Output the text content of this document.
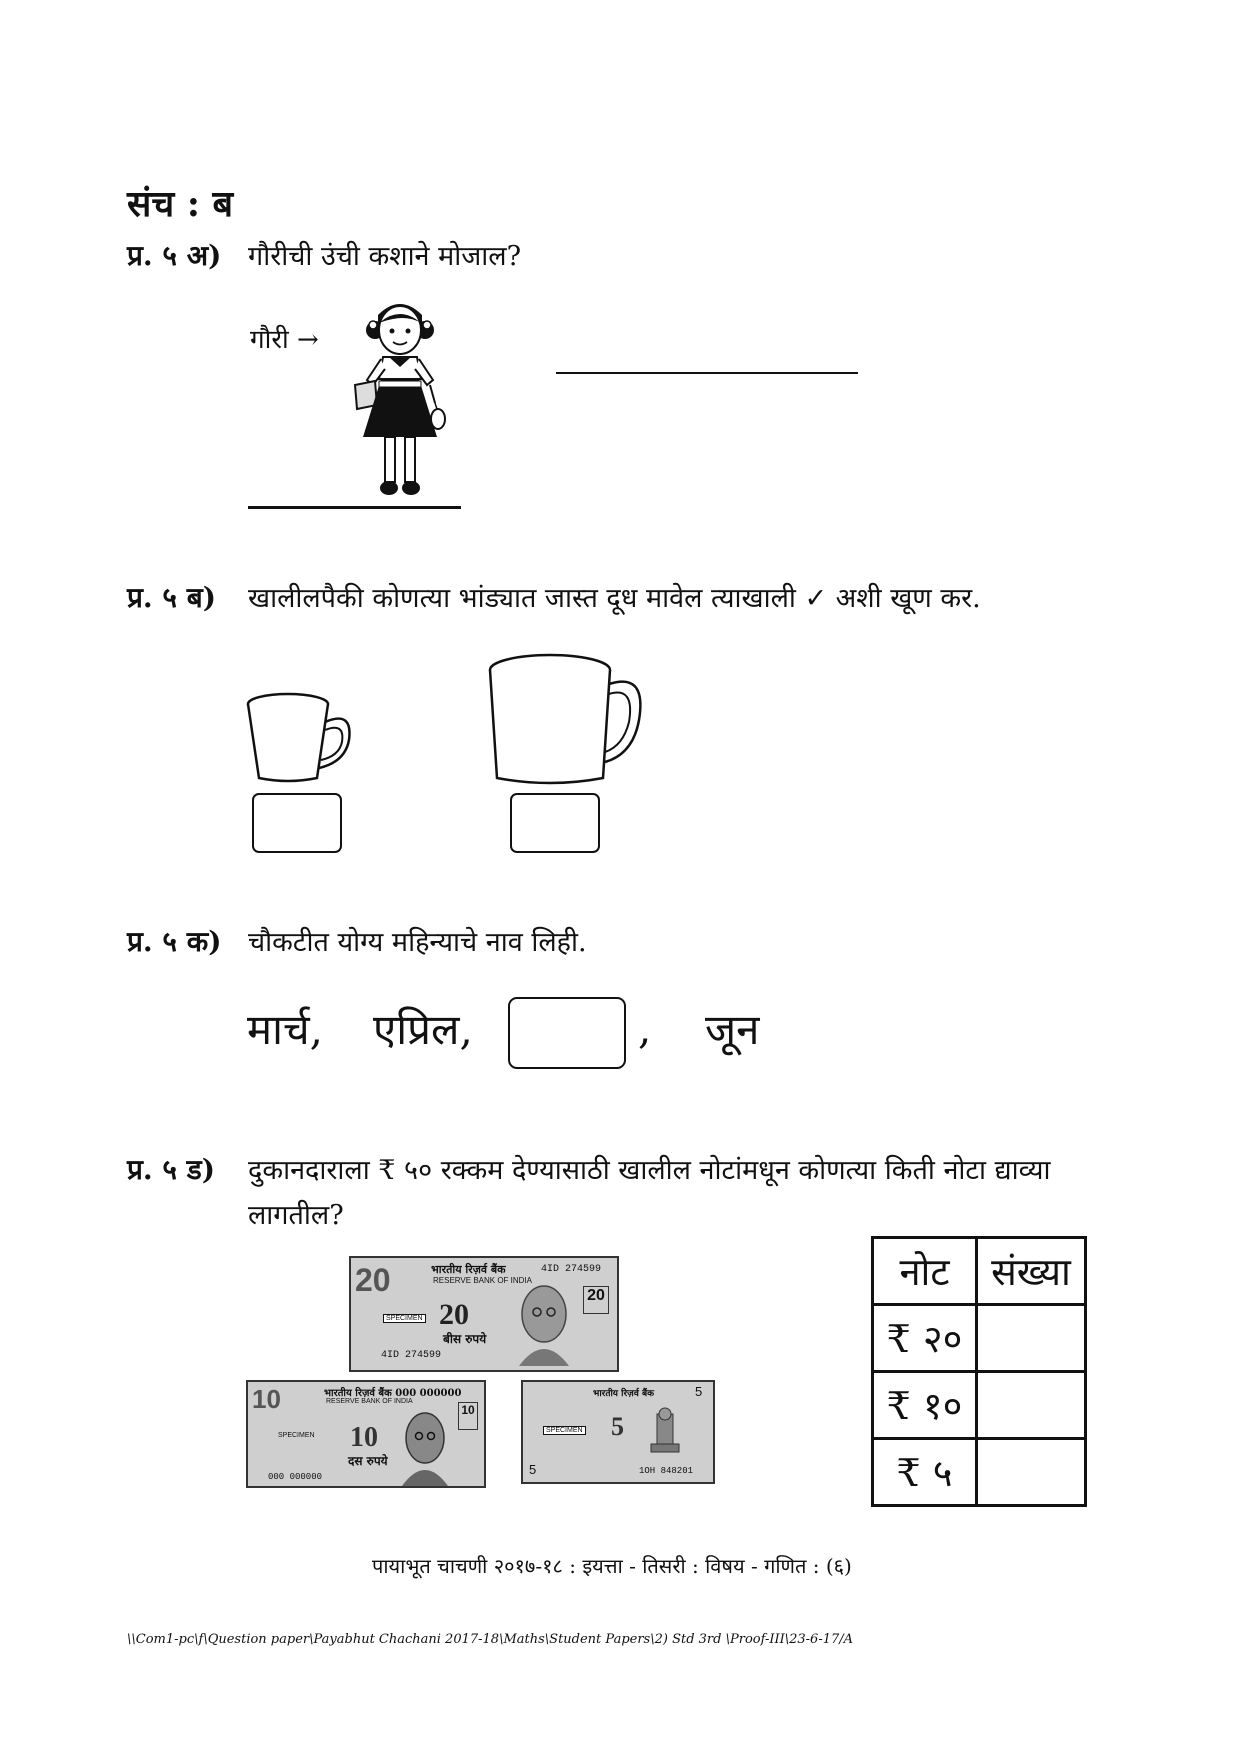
संच : ब
प्र. ५ अ) गौरीची उंची कशाने मोजाल?
गौरी →
प्र. ५ ब) खालीलपैकी कोणत्या भांड्यात जास्त दूध मावेल त्याखाली ✓ अशी खूण कर.
प्र. ५ क) चौकटीत योग्य महिन्याचे नाव लिही.
मार्च, एप्रिल,	, जून
प्र. ५ ड) दुकानदाराला ₹ ५० रक्कम देण्यासाठी खालील नोटांमधून कोणत्या किती नोटा द्याव्या
लागतील?
20	भारतीय रिज़र्व बैंक
RESERVE BANK OF INDIA
4ID 274599
20
बीस रुपये
SPECIMEN
4ID 274599
20
10	भारतीय रिज़र्व बैंक 000 000000
RESERVE BANK OF INDIA
SPECIMEN 10
दस रुपये
000 000000
10
भारतीय रिज़र्व बैंक	5
SPECIMEN 5
5	1OH 848201
नोट	संख्या
₹ २०	
₹ १०	
₹ ५	
पायाभूत चाचणी २०१७-१८ : इयत्ता - तिसरी : विषय - गणित : (६)
\\Com1-pc\f\Question paper\Payabhut Chachani 2017-18\Maths\Student Papers\2) Std 3rd \Proof-III\23-6-17/A
